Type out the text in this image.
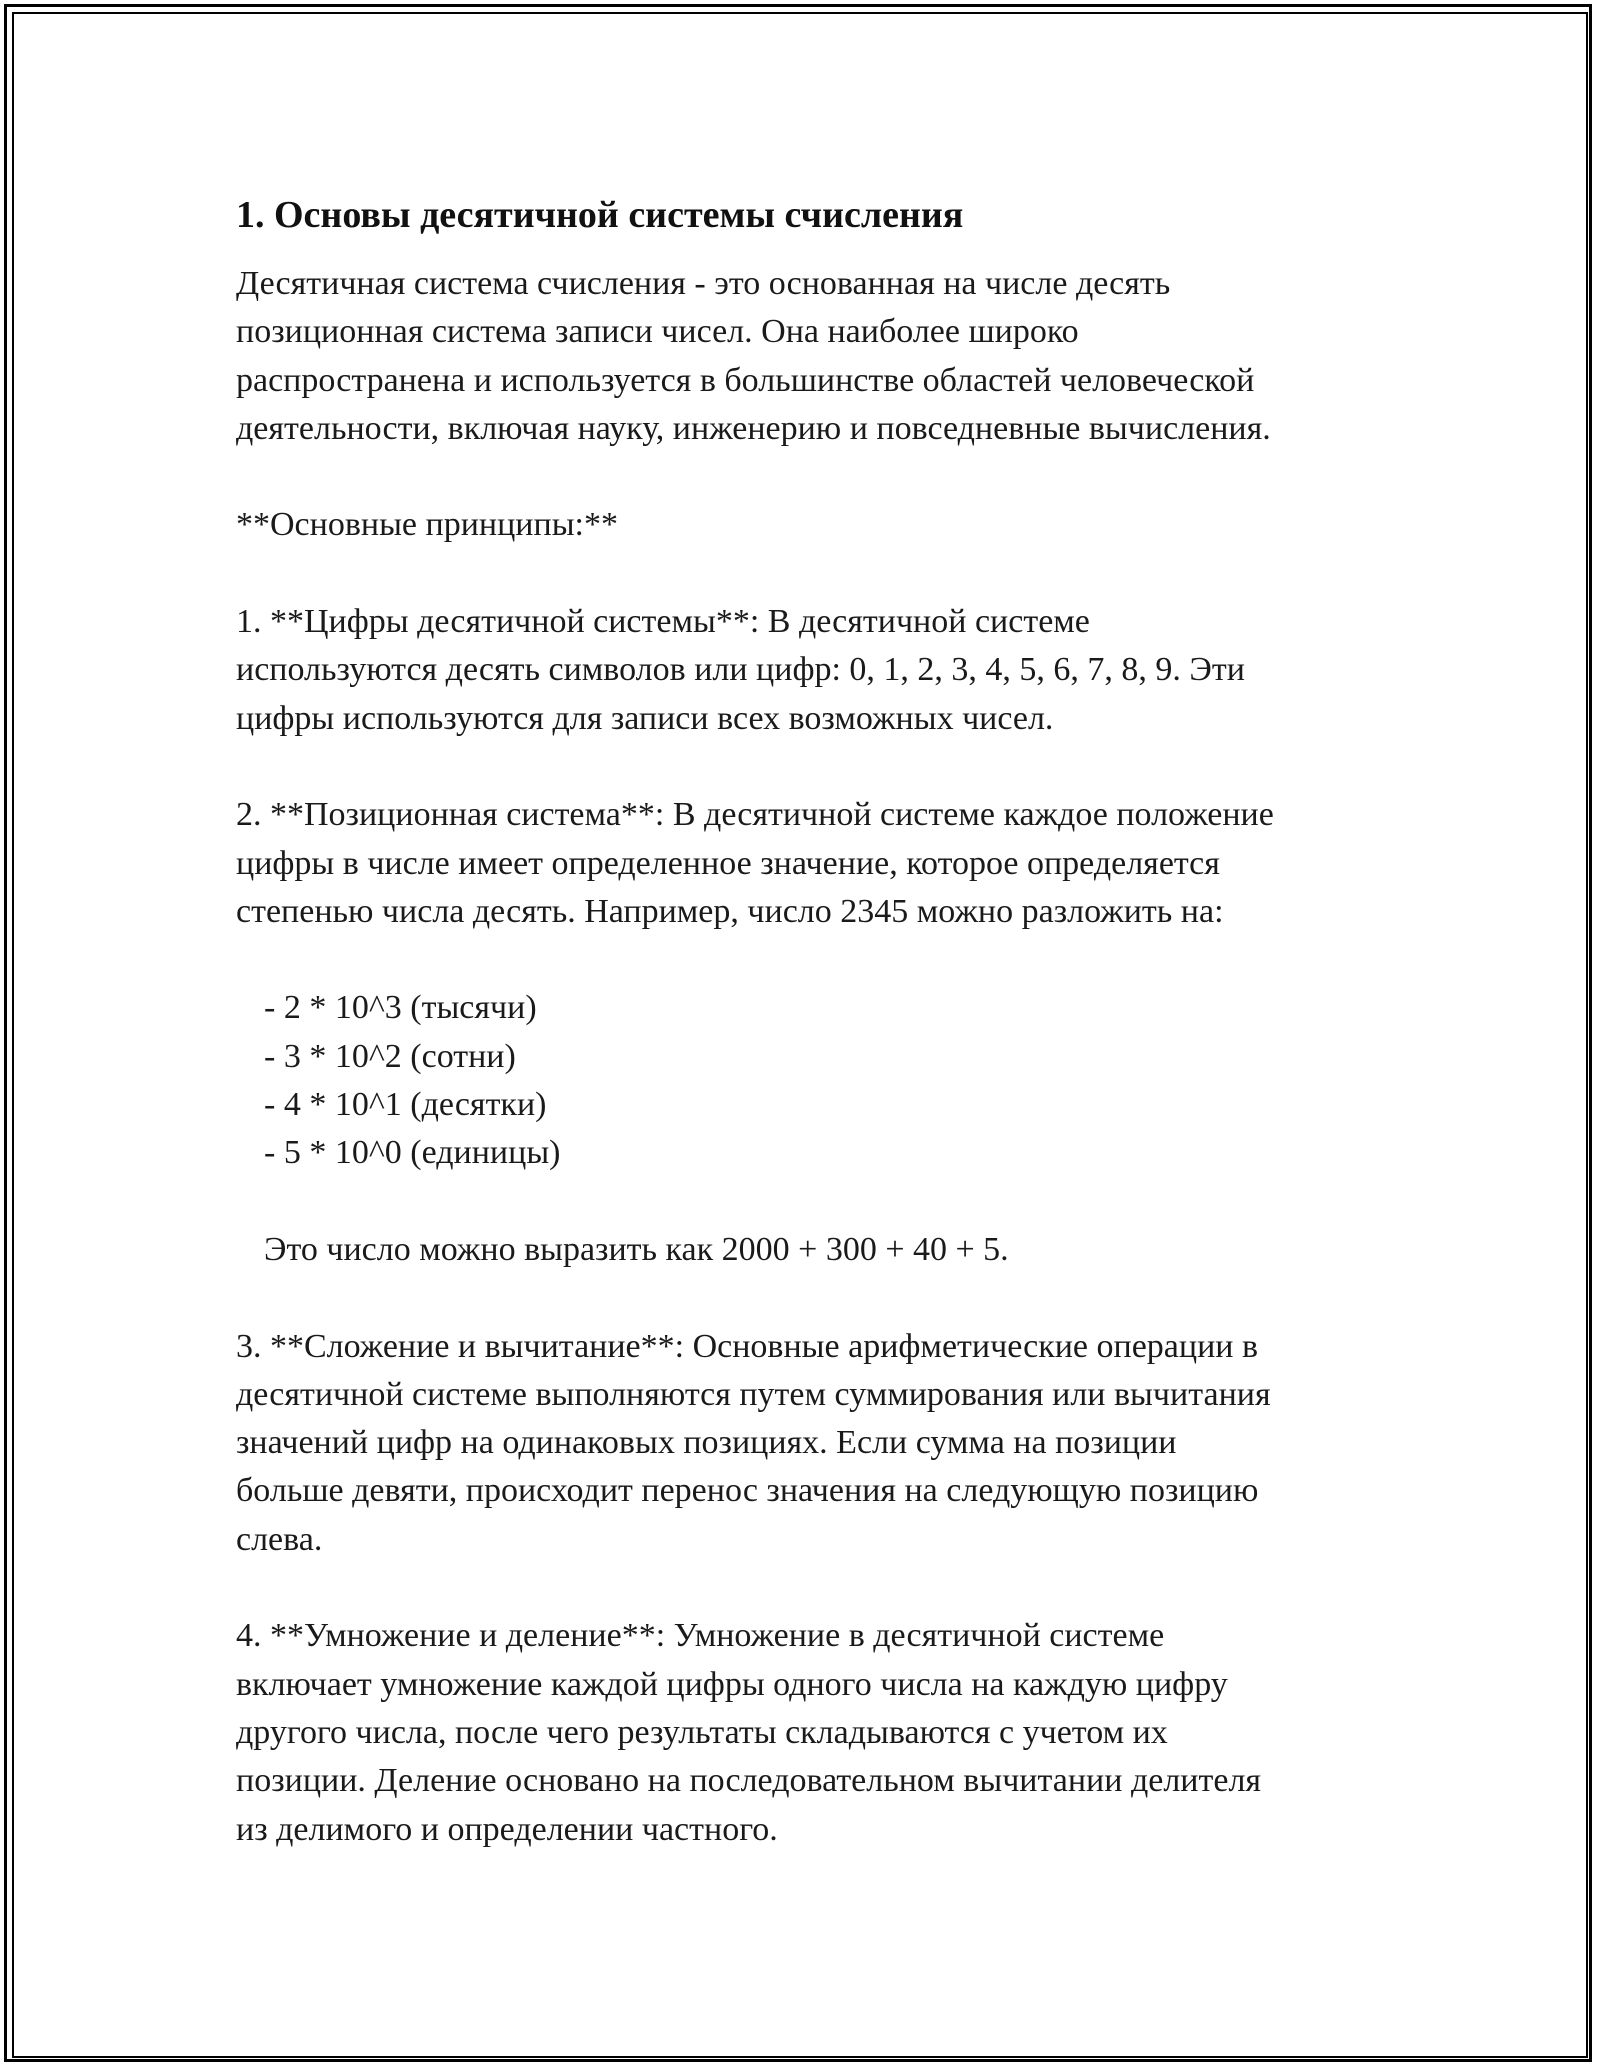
1. Основы десятичной системы счисления
Десятичная система счисления - это основанная на числе десять
позиционная система записи чисел. Она наиболее широко
распространена и используется в большинстве областей человеческой
деятельности, включая науку, инженерию и повседневные вычисления.
**Основные принципы:**
1. **Цифры десятичной системы**: В десятичной системе
используются десять символов или цифр: 0, 1, 2, 3, 4, 5, 6, 7, 8, 9. Эти
цифры используются для записи всех возможных чисел.
2. **Позиционная система**: В десятичной системе каждое положение
цифры в числе имеет определенное значение, которое определяется
степенью числа десять. Например, число 2345 можно разложить на:
- 2 * 10^3 (тысячи)
- 3 * 10^2 (сотни)
- 4 * 10^1 (десятки)
- 5 * 10^0 (единицы)
Это число можно выразить как 2000 + 300 + 40 + 5.
3. **Сложение и вычитание**: Основные арифметические операции в
десятичной системе выполняются путем суммирования или вычитания
значений цифр на одинаковых позициях. Если сумма на позиции
больше девяти, происходит перенос значения на следующую позицию
слева.
4. **Умножение и деление**: Умножение в десятичной системе
включает умножение каждой цифры одного числа на каждую цифру
другого числа, после чего результаты складываются с учетом их
позиции. Деление основано на последовательном вычитании делителя
из делимого и определении частного.
